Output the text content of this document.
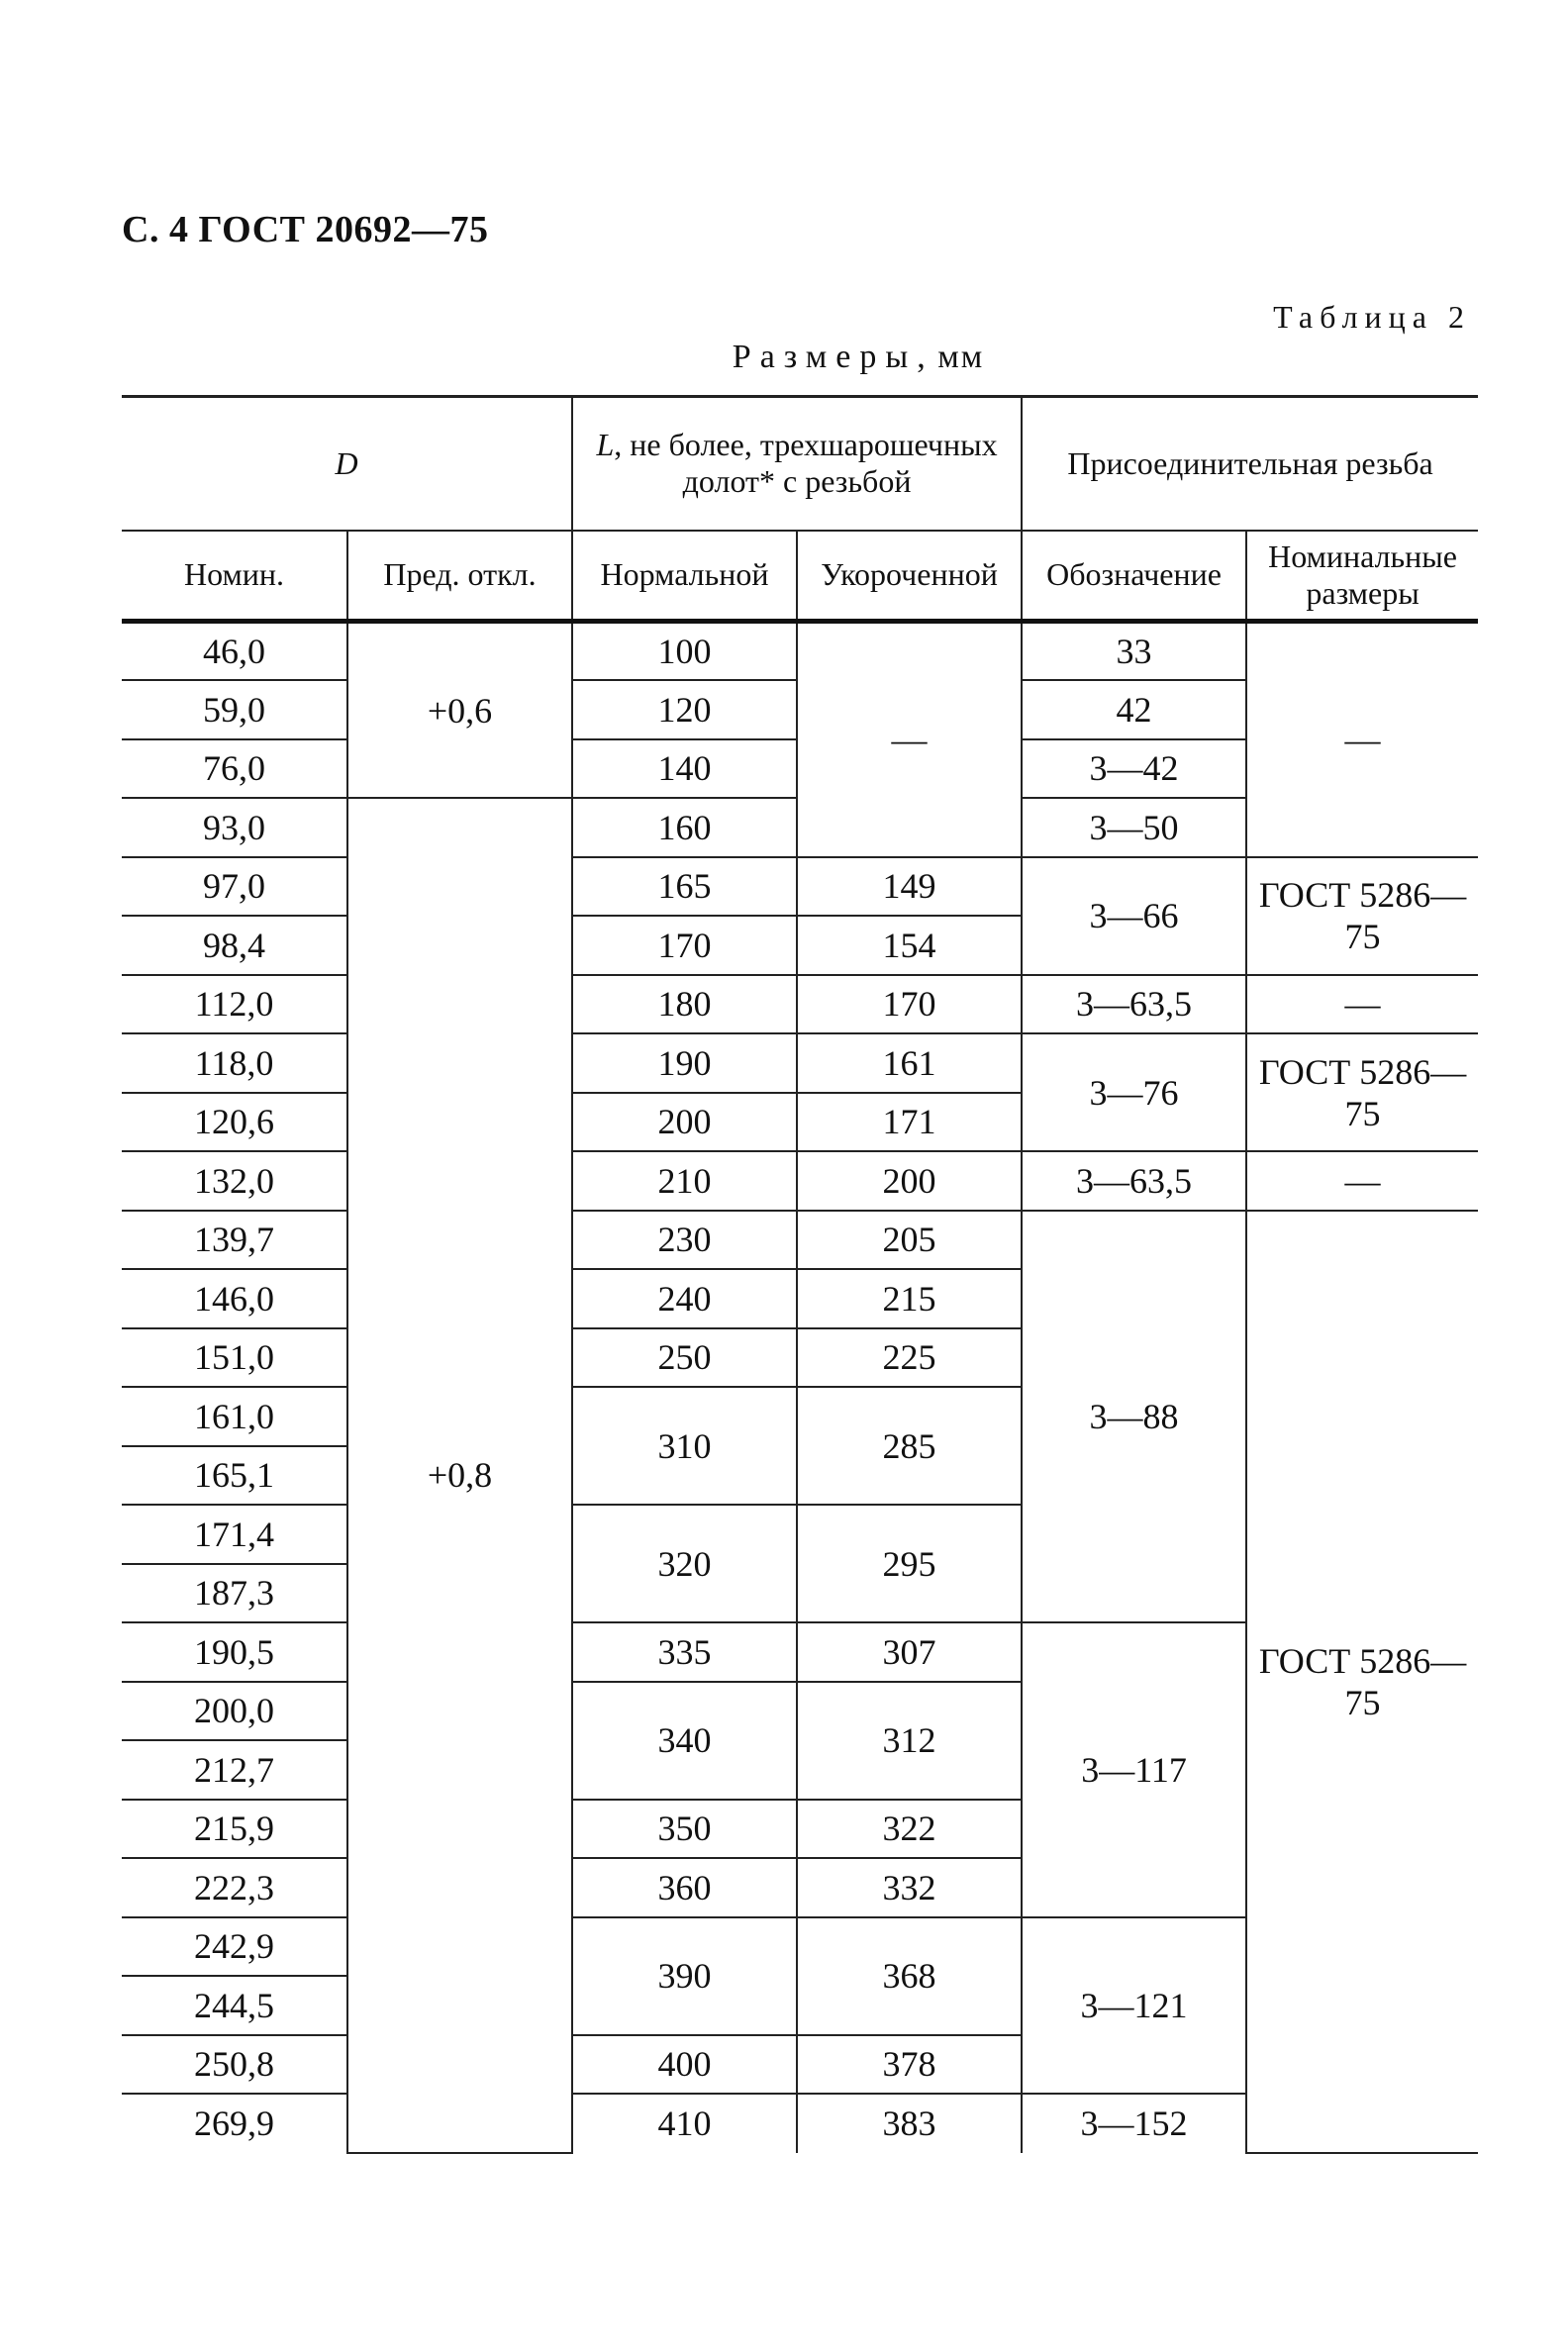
С. 4 ГОСТ 20692—75
Таблица 2
Размеры, мм
D		L, не более, трехшарошечных долот* с резьбой		Присоединительная резьба	
Номин.	Пред. откл.	Нормальной	Укороченной	Обозначение	Номинальные размеры
46,0	+0,6	100	—	33	—
59,0		120		42	
76,0		140		3—42	
93,0	+0,8	160		3—50	
97,0		165	149	3—66	ГОСТ 5286—75
98,4		170	154		
112,0		180	170	3—63,5	—
118,0		190	161	3—76	ГОСТ 5286—75
120,6		200	171		
132,0		210	200	3—63,5	—
139,7		230	205	3—88	ГОСТ 5286—75
146,0		240	215		
151,0		250	225		
161,0		310	285		
165,1					
171,4		320	295		
187,3					
190,5		335	307	3—117	
200,0		340	312		
212,7					
215,9		350	322		
222,3		360	332		
242,9		390	368	3—121	
244,5					
250,8		400	378		
269,9		410	383	3—152	
